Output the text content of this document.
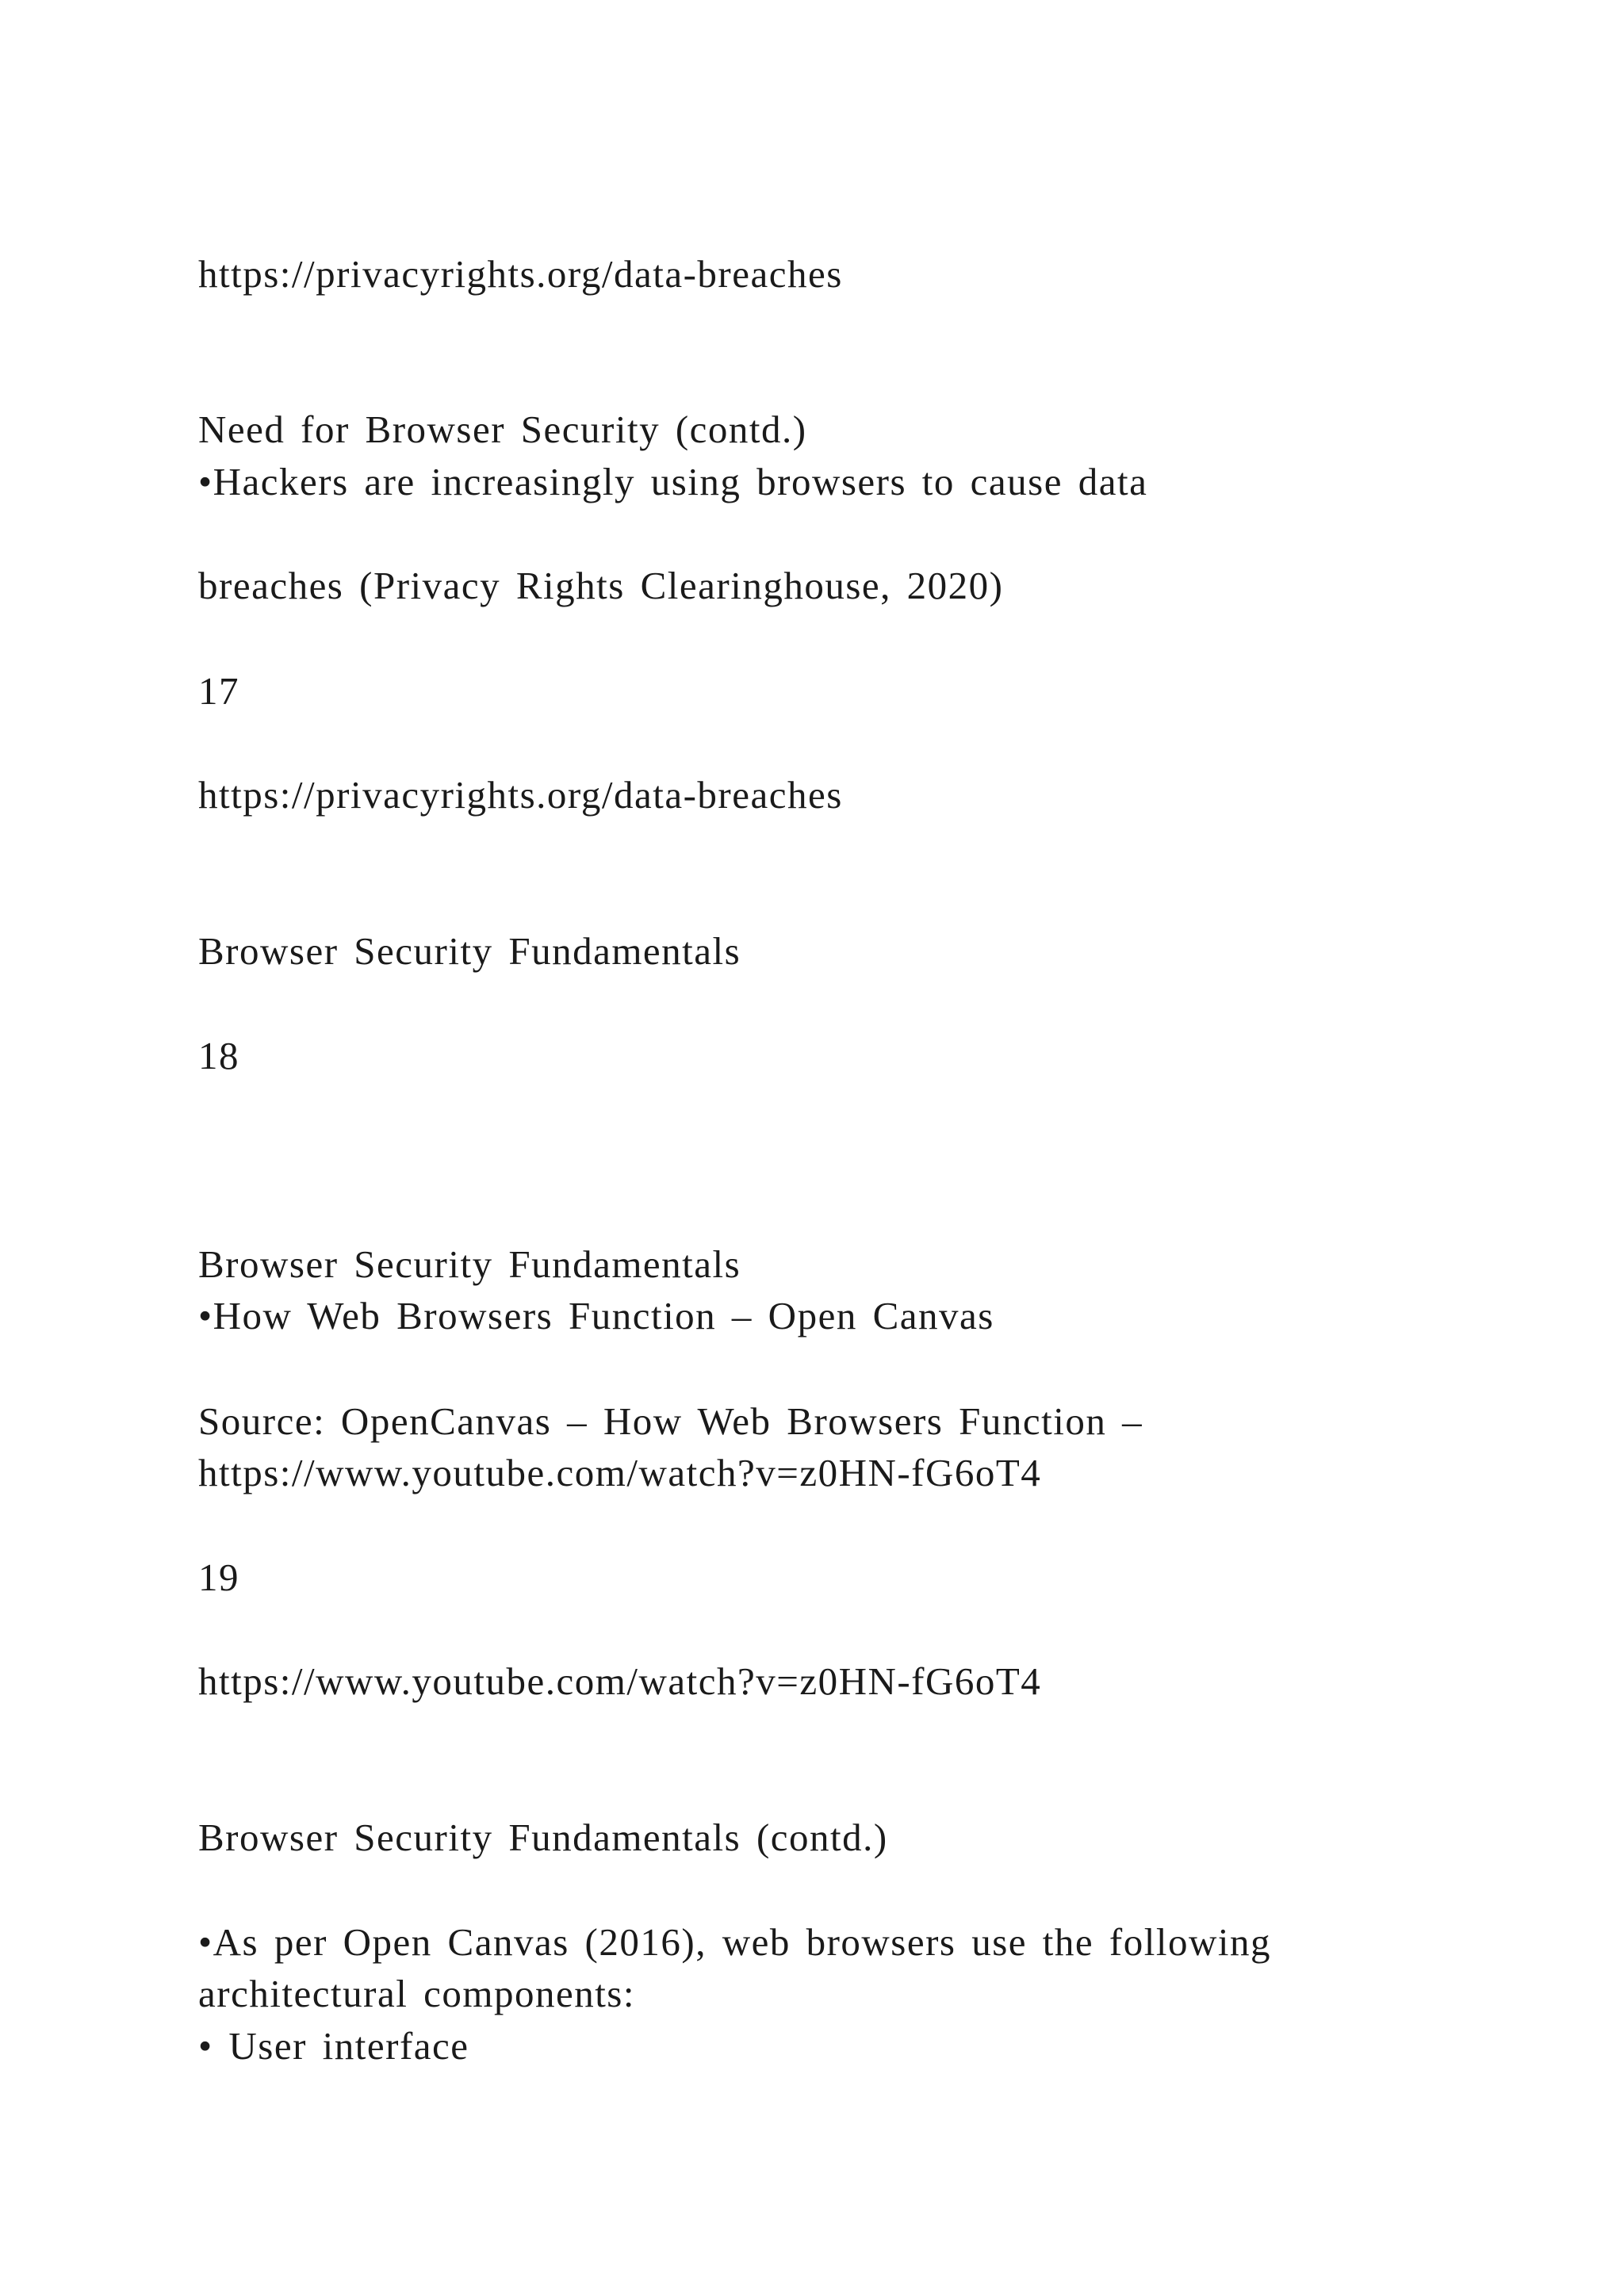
https://privacyrights.org/data-breaches
Need for Browser Security (contd.)
•Hackers are increasingly using browsers to cause data
breaches (Privacy Rights Clearinghouse, 2020)
17
https://privacyrights.org/data-breaches
Browser Security Fundamentals
18
Browser Security Fundamentals
•How Web Browsers Function – Open Canvas
Source: OpenCanvas – How Web Browsers Function –
https://www.youtube.com/watch?v=z0HN-fG6oT4
19
https://www.youtube.com/watch?v=z0HN-fG6oT4
Browser Security Fundamentals (contd.)
•As per Open Canvas (2016), web browsers use the following
architectural components:
• User interface
